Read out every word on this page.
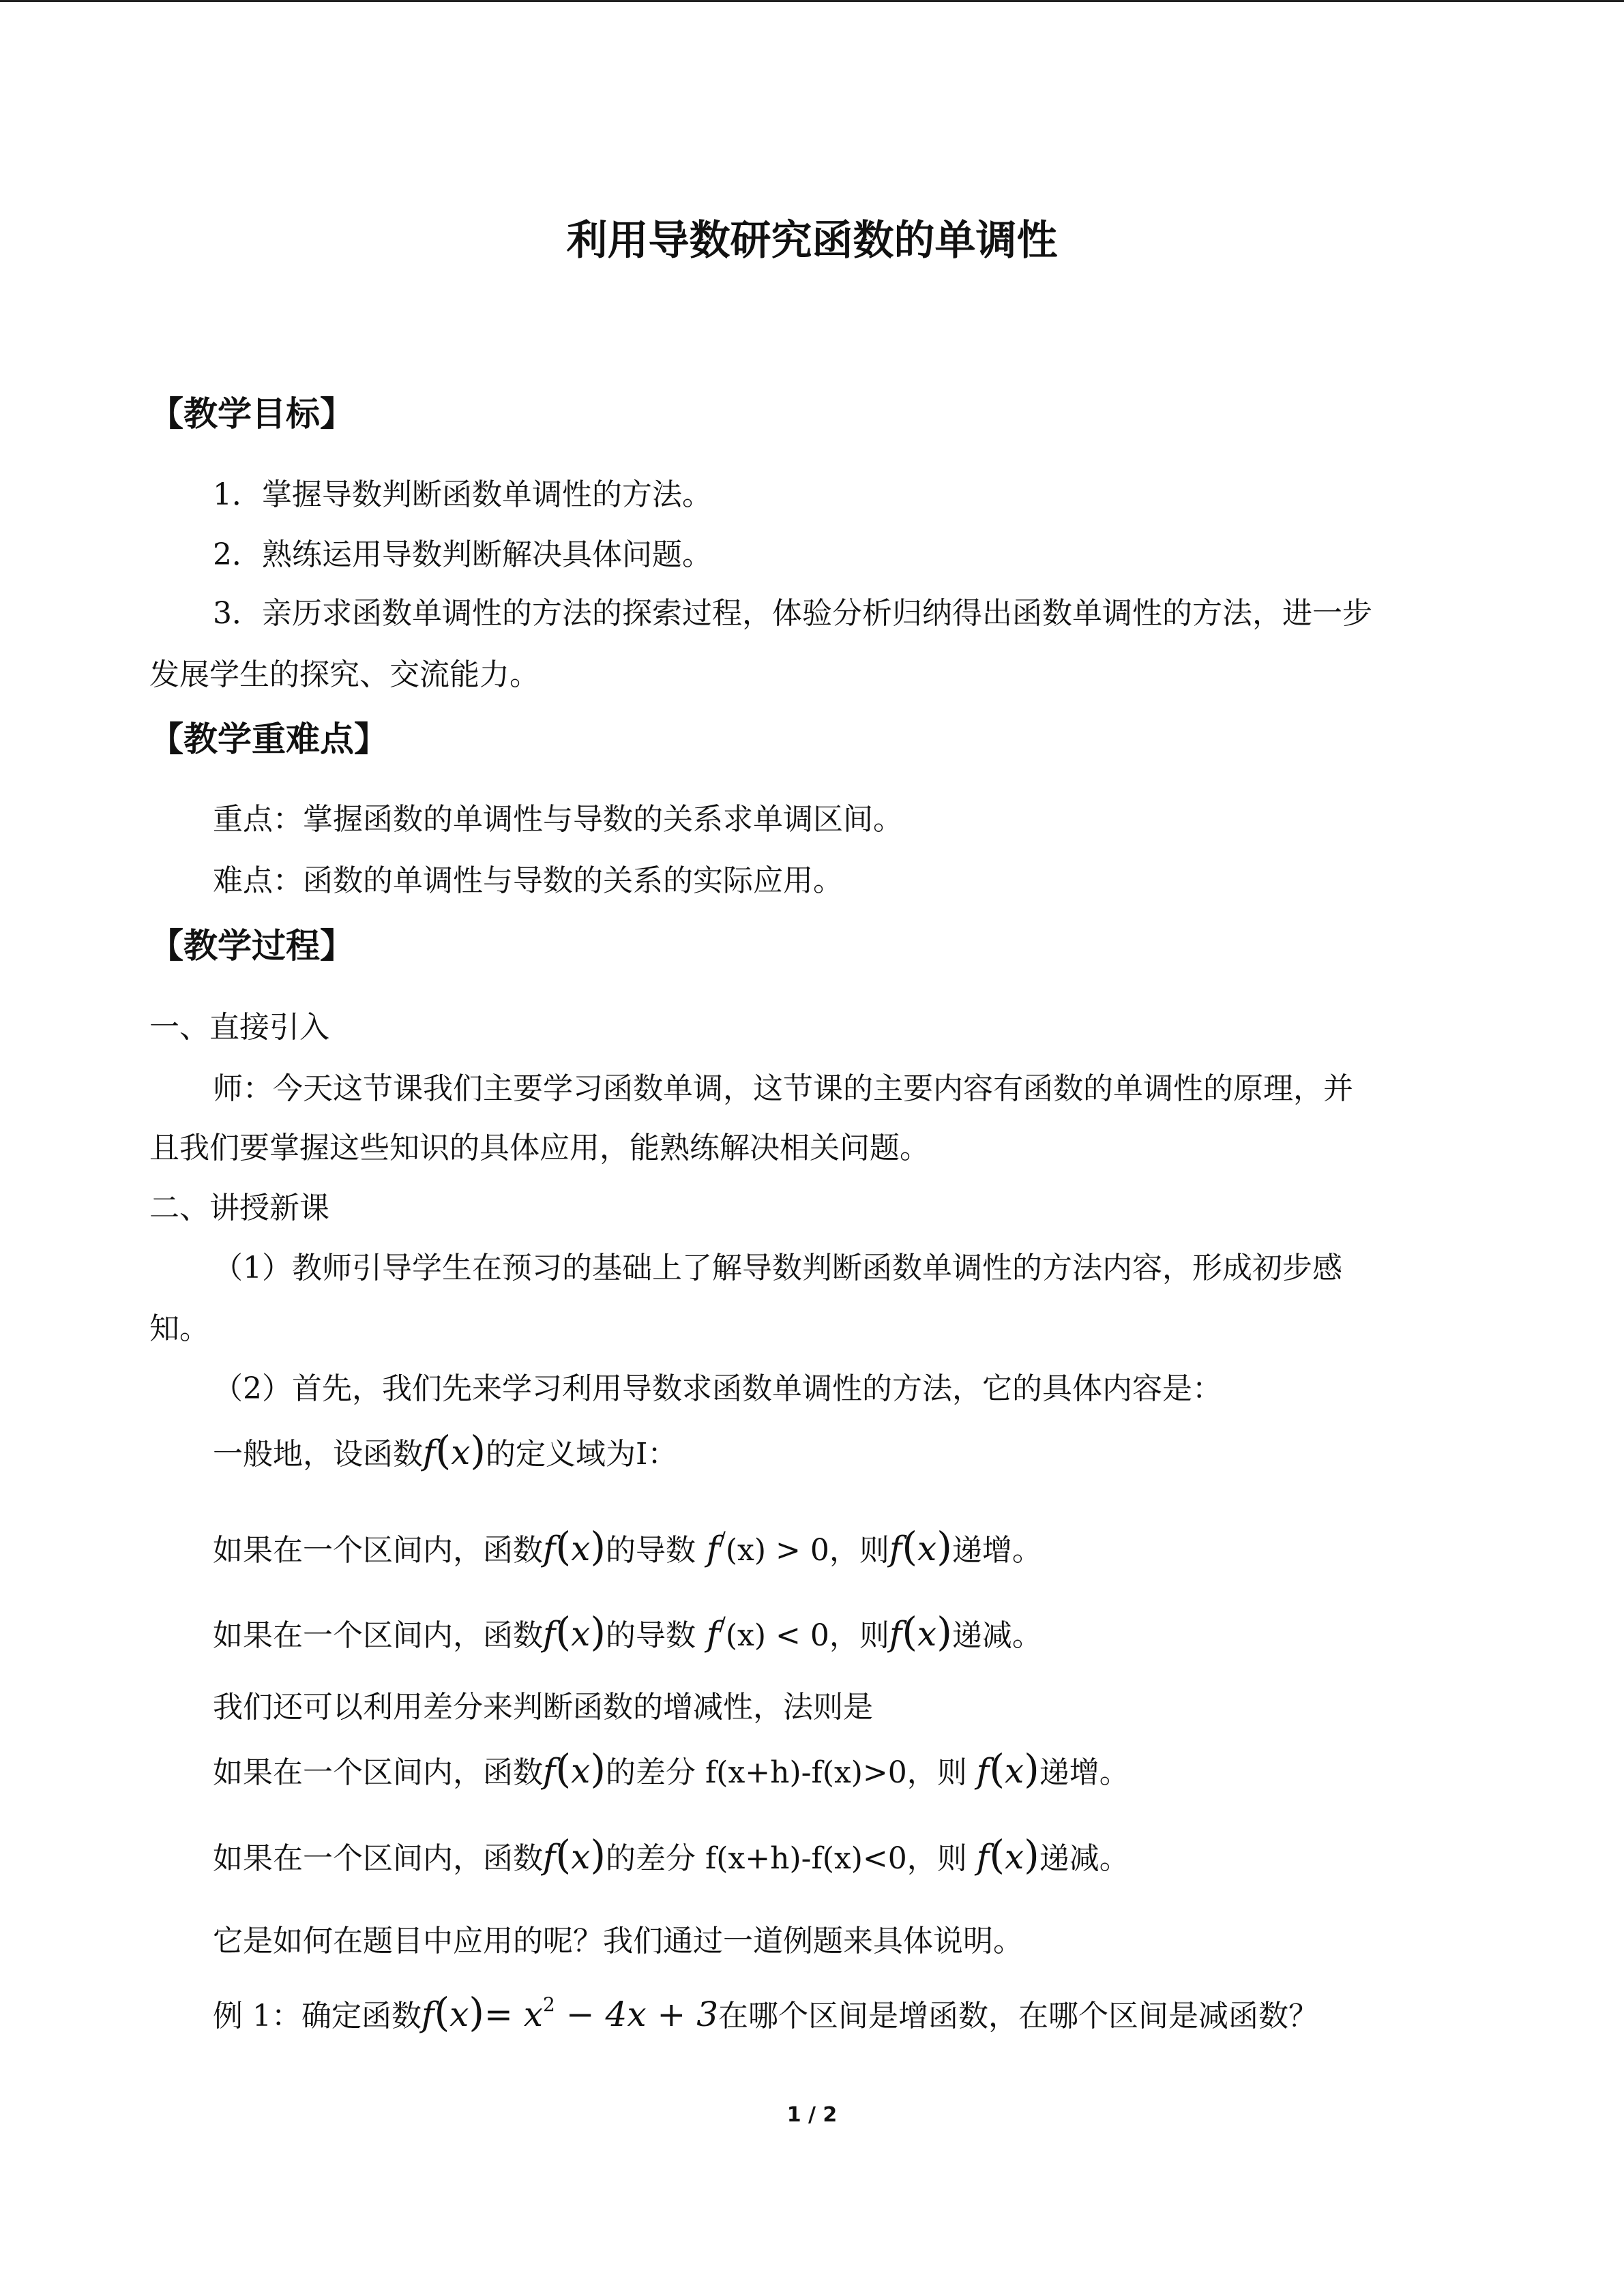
利用导数研究函数的单调性
【教学目标】
1．掌握导数判断函数单调性的方法。
2．熟练运用导数判断解决具体问题。
3．亲历求函数单调性的方法的探索过程，体验分析归纳得出函数单调性的方法，进一步
发展学生的探究、交流能力。
【教学重难点】
重点：掌握函数的单调性与导数的关系求单调区间。
难点：函数的单调性与导数的关系的实际应用。
【教学过程】
一、直接引入
师：今天这节课我们主要学习函数单调，这节课的主要内容有函数的单调性的原理，并
且我们要掌握这些知识的具体应用，能熟练解决相关问题。
二、讲授新课
（1）教师引导学生在预习的基础上了解导数判断函数单调性的方法内容，形成初步感
知。
（2）首先，我们先来学习利用导数求函数单调性的方法，它的具体内容是：
一般地，设函数f(x)的定义域为I：
如果在一个区间内，函数f(x)的导数 f/(x) > 0，则f(x)递增。
如果在一个区间内，函数f(x)的导数 f/(x) < 0，则f(x)递减。
我们还可以利用差分来判断函数的增减性，法则是
如果在一个区间内，函数f(x)的差分 f(x+h)-f(x)>0，则 f(x)递增。
如果在一个区间内，函数f(x)的差分 f(x+h)-f(x)<0，则 f(x)递减。
它是如何在题目中应用的呢？我们通过一道例题来具体说明。
例 1：确定函数$f(x)= x^2 - 4x + 3$在哪个区间是增函数，在哪个区间是减函数？
1 / 2
